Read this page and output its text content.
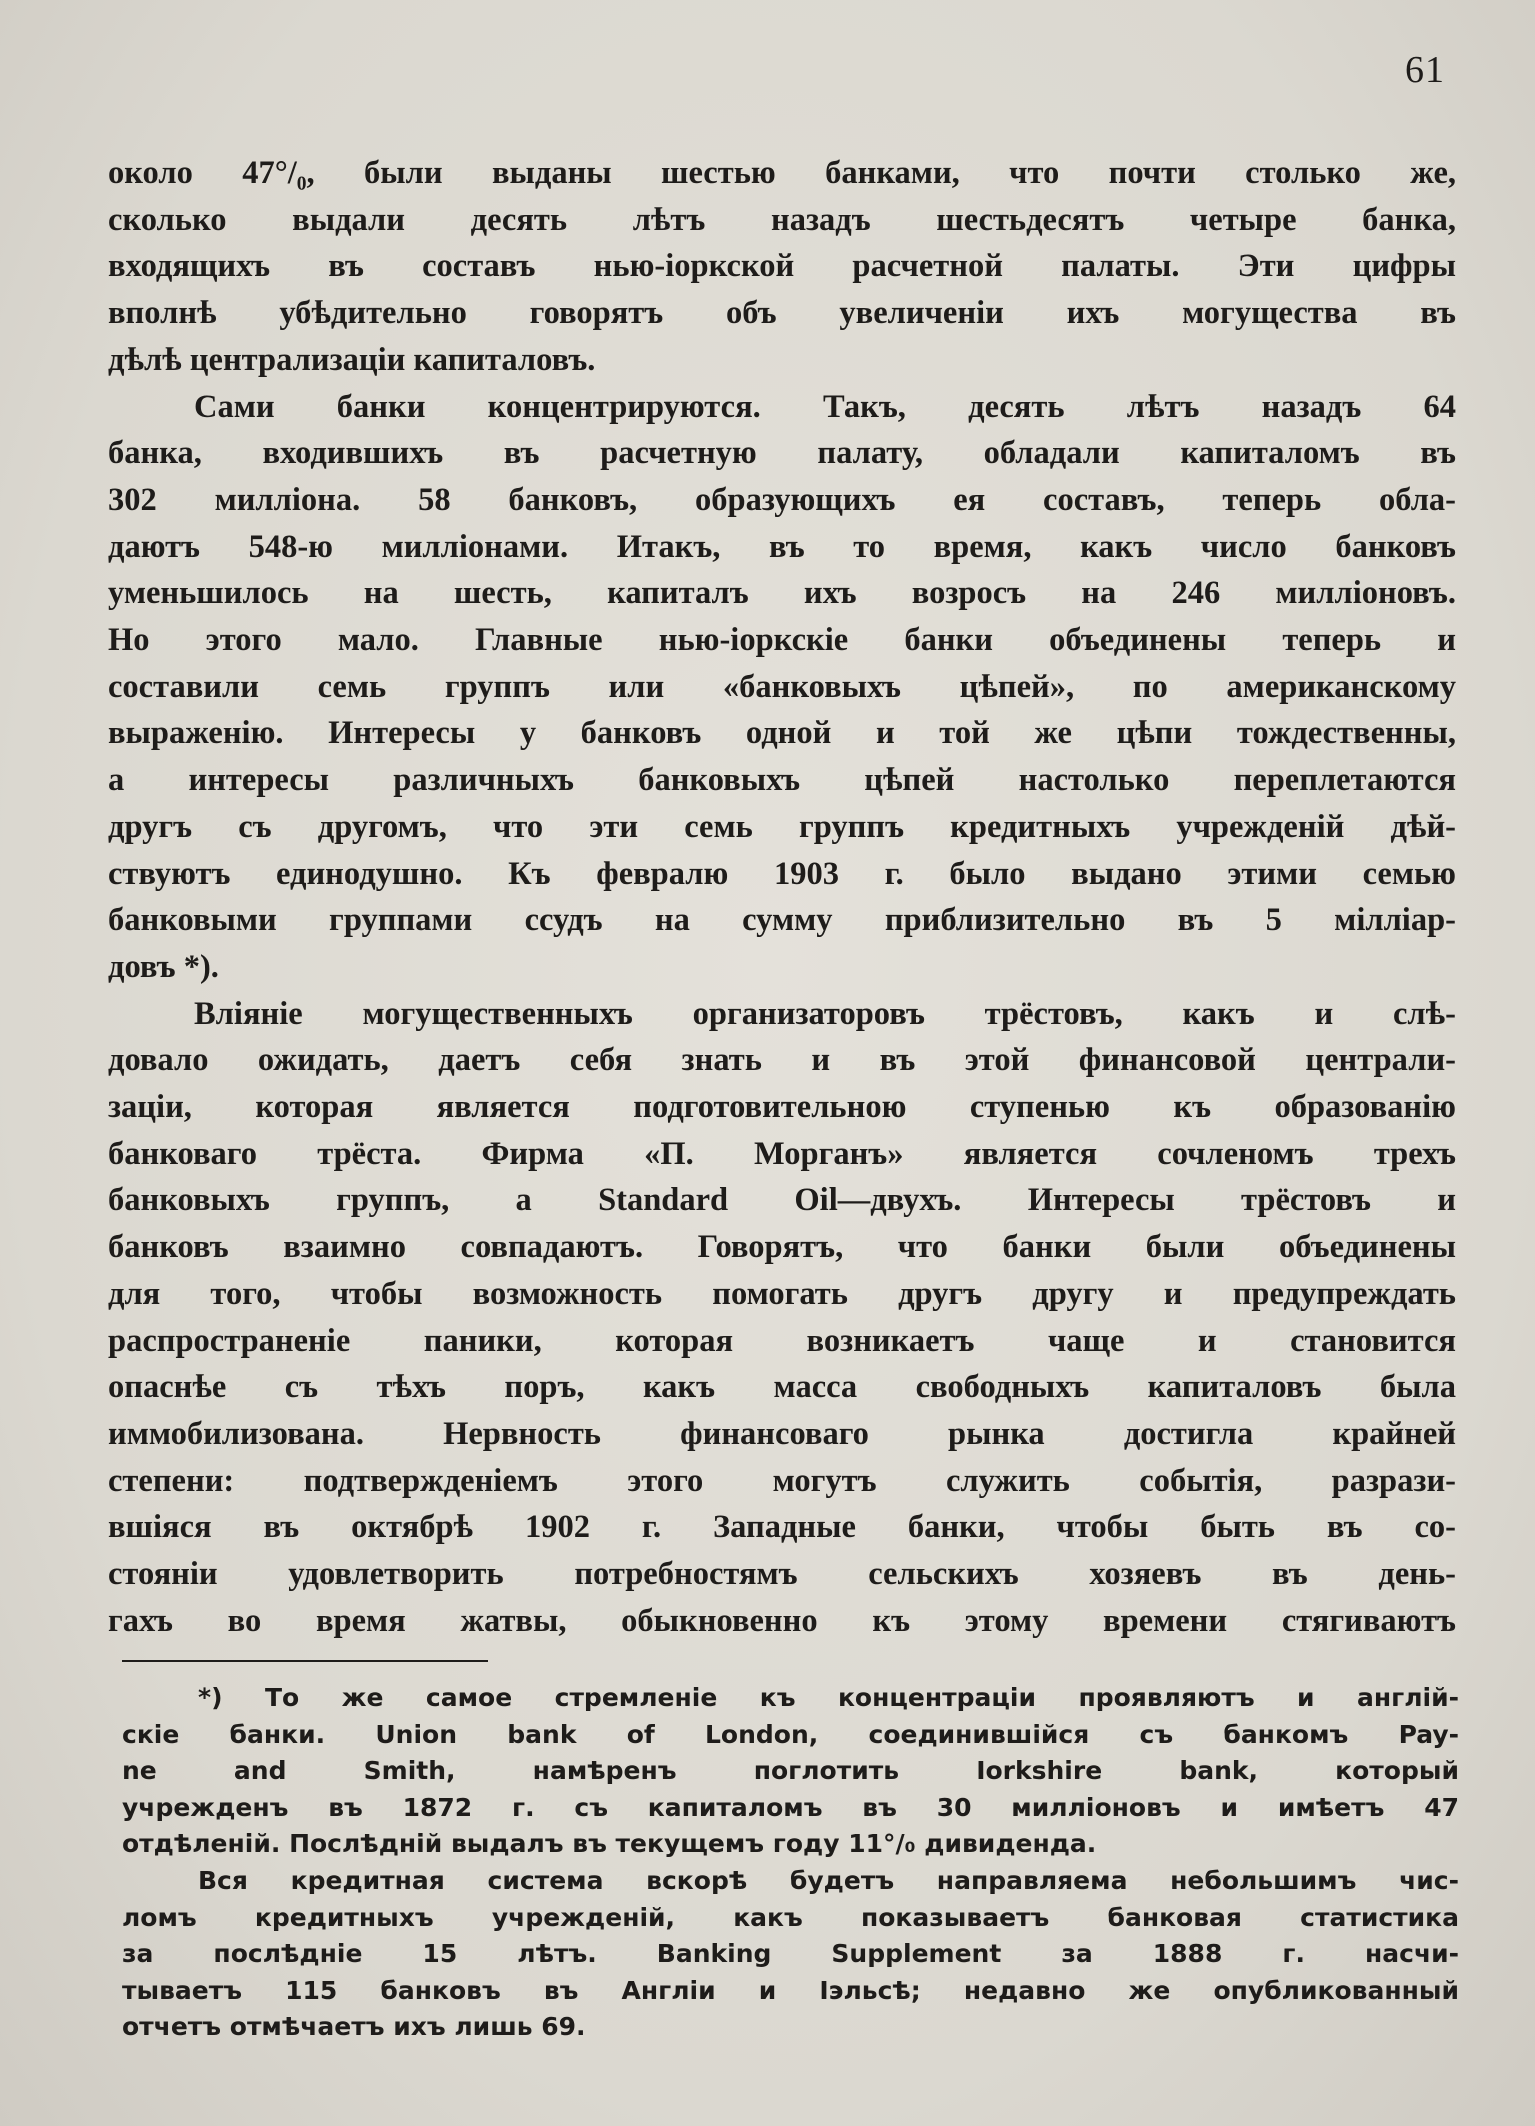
61

около 47°/₀, были выданы шестью банками, что почти столько же,
сколько выдали десять лѣтъ назадъ шестьдесятъ четыре банка,
входящихъ въ составъ нью-іоркской расчетной палаты. Эти цифры
вполнѣ убѣдительно говорятъ объ увеличеніи ихъ могущества въ
дѣлѣ централизаціи капиталовъ.

Сами банки концентрируются. Такъ, десять лѣтъ назадъ 64
банка, входившихъ въ расчетную палату, обладали капиталомъ въ
302 милліона. 58 банковъ, образующихъ ея составъ, теперь обла-
даютъ 548-ю милліонами. Итакъ, въ то время, какъ число банковъ
уменьшилось на шесть, капиталъ ихъ возросъ на 246 милліоновъ.
Но этого мало. Главные нью-іоркскіе банки объединены теперь и
составили семь группъ или «банковыхъ цѣпей», по американскому
выраженію. Интересы у банковъ одной и той же цѣпи тождественны,
а интересы различныхъ банковыхъ цѣпей настолько переплетаются
другъ съ другомъ, что эти семь группъ кредитныхъ учрежденій дѣй-
ствуютъ единодушно. Къ февралю 1903 г. было выдано этими семью
банковыми группами ссудъ на сумму приблизительно въ 5 мілліар-
довъ *).

Вліяніе могущественныхъ организаторовъ трёстовъ, какъ и слѣ-
довало ожидать, даетъ себя знать и въ этой финансовой централи-
заціи, которая является подготовительною ступенью къ образованію
банковаго трёста. Фирма «П. Морганъ» является сочленомъ трехъ
банковыхъ группъ, а Standard Oil—двухъ. Интересы трёстовъ и
банковъ взаимно совпадаютъ. Говорятъ, что банки были объединены
для того, чтобы возможность помогать другъ другу и предупреждать
распространеніе паники, которая возникаетъ чаще и становится
опаснѣе съ тѣхъ поръ, какъ масса свободныхъ капиталовъ была
иммобилизована. Нервность финансоваго рынка достигла крайней
степени: подтвержденіемъ этого могутъ служить событія, разрази-
вшіяся въ октябрѣ 1902 г. Западные банки, чтобы быть въ со-
стояніи удовлетворить потребностямъ сельскихъ хозяевъ въ день-
гахъ во время жатвы, обыкновенно къ этому времени стягиваютъ

*) То же самое стремленіе къ концентраціи проявляютъ и англій-
скіе банки. Union bank of London, соединившійся съ банкомъ Pay-
ne and Smith, намѣренъ поглотить Iorkshire bank, который
учрежденъ въ 1872 г. съ капиталомъ въ 30 милліоновъ и имѣетъ 47
отдѣленій. Послѣдній выдалъ въ текущемъ году 11°/₀ дивиденда.
Вся кредитная система вскорѣ будетъ направляема небольшимъ чис-
ломъ кредитныхъ учрежденій, какъ показываетъ банковая статистика
за послѣдніе 15 лѣтъ. Banking Supplement за 1888 г. насчи-
тываетъ 115 банковъ въ Англіи и Іэльсѣ; недавно же опубликованный
отчетъ отмѣчаетъ ихъ лишь 69.
